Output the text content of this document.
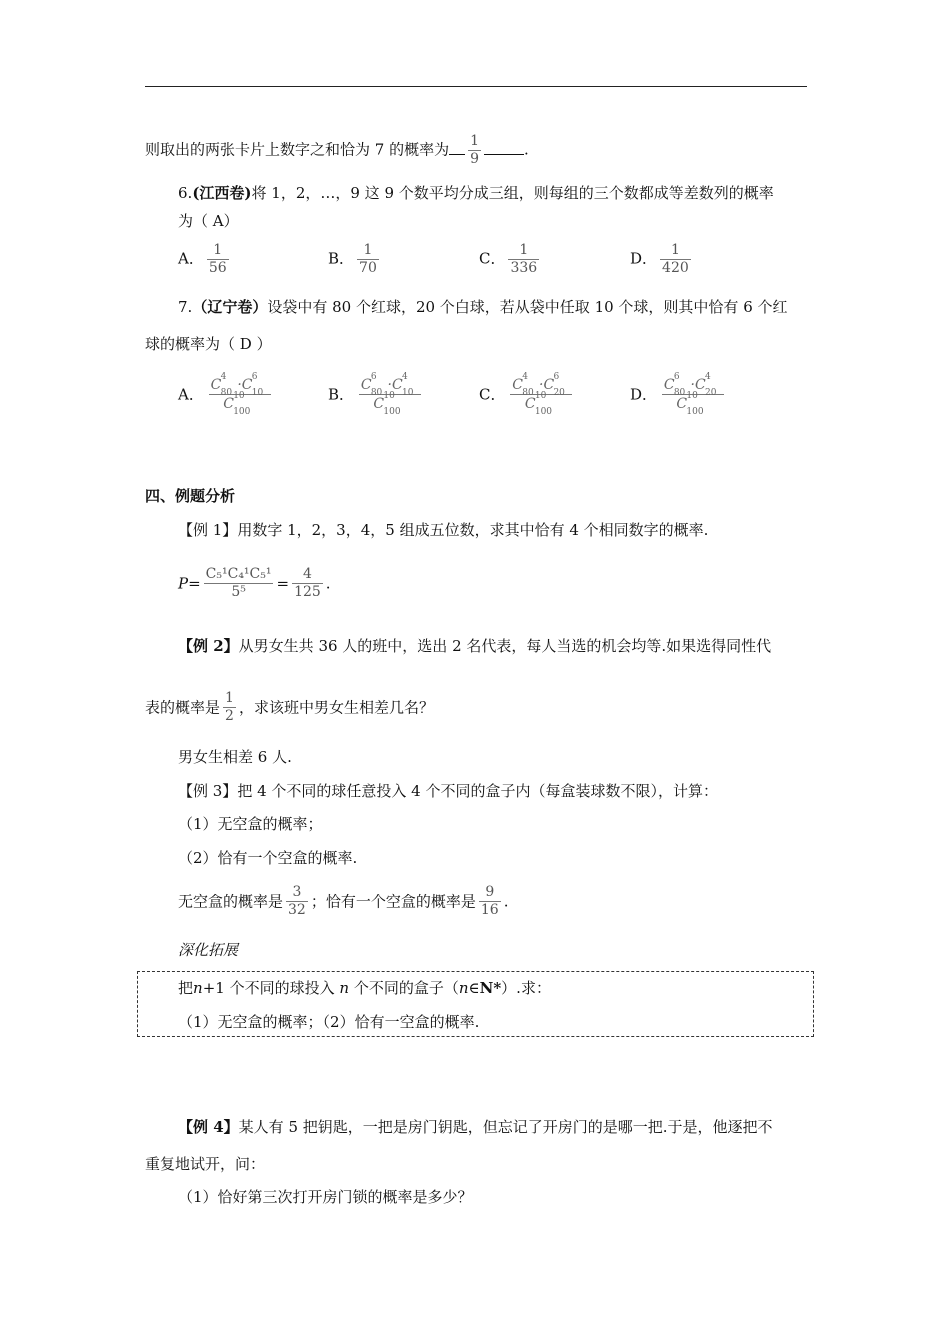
则取出的两张卡片上数字之和恰为 7 的概率为 $\frac{1}{9}$	.
6.(江西卷)将 1，2，…，9 这 9 个数平均分成三组，则每组的三个数都成等差数列的概率
为（ A）
A． $\frac{1}{56}$	B． $\frac{1}{70}$	C． $\frac{1}{336}$	D． $\frac{1}{420}$
7.（辽宁卷）设袋中有 80 个红球，20 个白球，若从袋中任取 10 个球，则其中恰有 6 个红
球的概率为（ D ）
A． C 4
80 ·C 6
10
C 10
100	B． C 6
80 ·C 4
10
C 10
100	C． C 4
80 ·C 6
20
C 10
100	D． C 6
80 ·C 4
20
C 10
100
四、例题分析
【例 1】用数字 1，2，3，4，5 组成五位数，求其中恰有 4 个相同数字的概率.
$P= \frac{\text{C₅¹C₄¹C₅¹}}{\text{5⁵}} = \frac{4}{125}$ .
【例 2】从男女生共 36 人的班中，选出 2 名代表，每人当选的机会均等.如果选得同性代
表的概率是 $\frac{1}{2}$ ，求该班中男女生相差几名？
男女生相差 6 人.
【例 3】把 4 个不同的球任意投入 4 个不同的盒子内（每盒装球数不限），计算：
（1）无空盒的概率；
（2）恰有一个空盒的概率.
无空盒的概率是 $\frac{3}{32}$ ；恰有一个空盒的概率是 $\frac{9}{16}$ .
深化拓展
把n+1 个不同的球投入 n 个不同的盒子（n∈N*）.求：
（1）无空盒的概率；（2）恰有一空盒的概率.
【例 4】某人有 5 把钥匙，一把是房门钥匙，但忘记了开房门的是哪一把.于是，他逐把不
重复地试开，问：
（1）恰好第三次打开房门锁的概率是多少？
